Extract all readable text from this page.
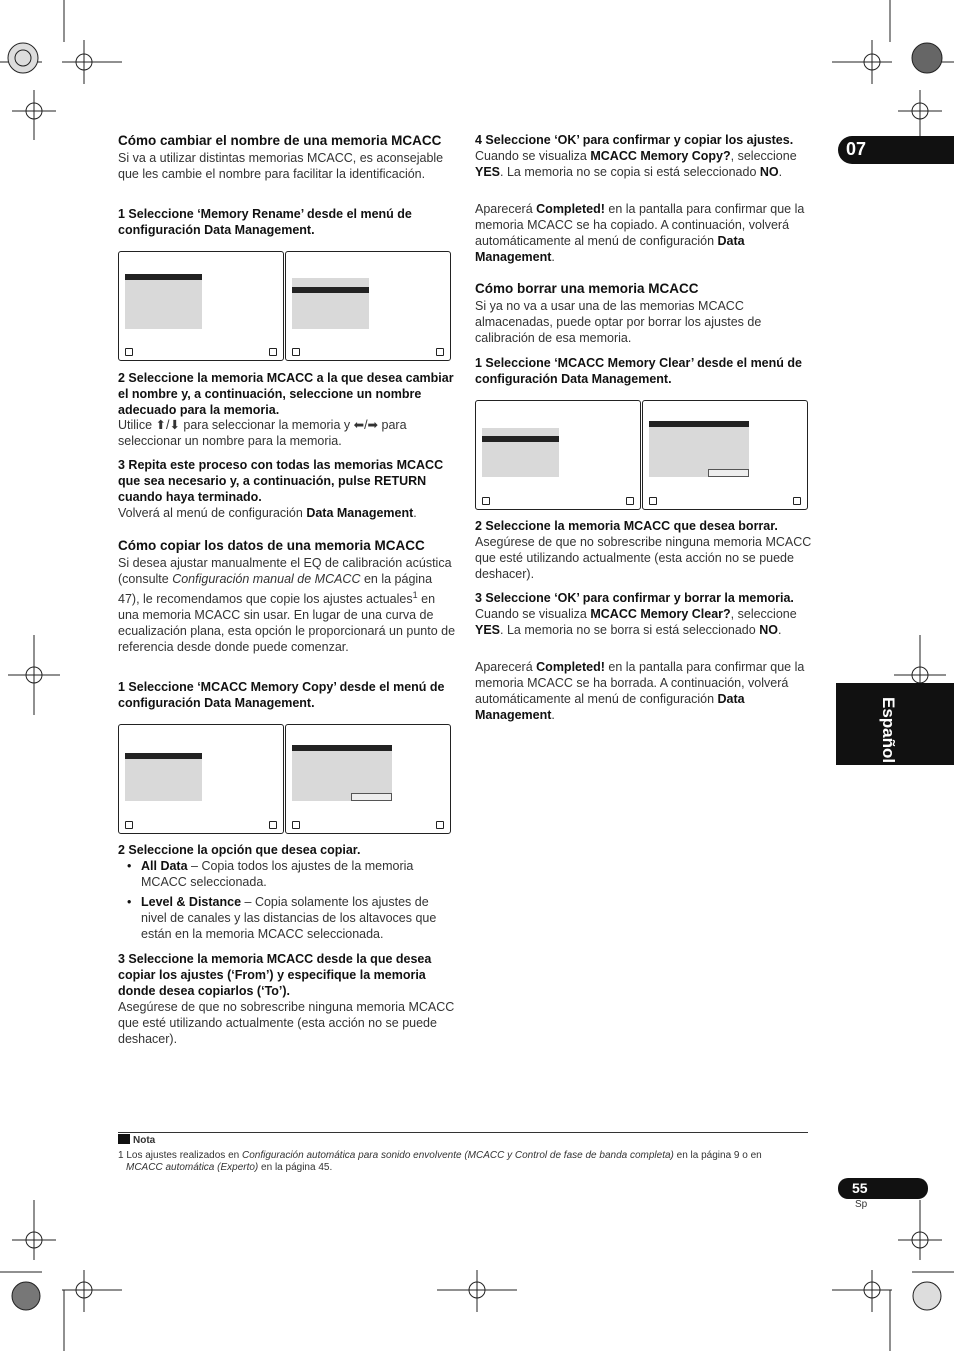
07
Español
Cómo cambiar el nombre de una memoria MCACC
Si va a utilizar distintas memorias MCACC, es aconsejable que les cambie el nombre para facilitar la identificación.
1 Seleccione ‘Memory Rename’ desde el menú de configuración Data Management.
2 Seleccione la memoria MCACC a la que desea cambiar el nombre y, a continuación, seleccione un nombre adecuado para la memoria.
Utilice ⬆/⬇ para seleccionar la memoria y ⬅/➡ para seleccionar un nombre para la memoria.
3 Repita este proceso con todas las memorias MCACC que sea necesario y, a continuación, pulse RETURN cuando haya terminado.
Volverá al menú de configuración Data Management.
Cómo copiar los datos de una memoria MCACC
Si desea ajustar manualmente el EQ de calibración acústica (consulte Configuración manual de MCACC en la página 47), le recomendamos que copie los ajustes actuales$^1$ en una memoria MCACC sin usar. En lugar de una curva de ecualización plana, esta opción le proporcionará un punto de referencia desde donde puede comenzar.
1 Seleccione ‘MCACC Memory Copy’ desde el menú de configuración Data Management.
2 Seleccione la opción que desea copiar.
• All Data – Copia todos los ajustes de la memoria MCACC seleccionada.
• Level & Distance – Copia solamente los ajustes de nivel de canales y las distancias de los altavoces que están en la memoria MCACC seleccionada.
3 Seleccione la memoria MCACC desde la que desea copiar los ajustes (‘From’) y especifique la memoria donde desea copiarlos (‘To’).
Asegúrese de que no sobrescribe ninguna memoria MCACC que esté utilizando actualmente (esta acción no se puede deshacer).
4 Seleccione ‘OK’ para confirmar y copiar los ajustes.
Cuando se visualiza MCACC Memory Copy?, seleccione YES. La memoria no se copia si está seleccionado NO.
Aparecerá Completed! en la pantalla para confirmar que la memoria MCACC se ha copiado. A continuación, volverá automáticamente al menú de configuración Data Management.
Cómo borrar una memoria MCACC
Si ya no va a usar una de las memorias MCACC almacenadas, puede optar por borrar los ajustes de calibración de esa memoria.
1 Seleccione ‘MCACC Memory Clear’ desde el menú de configuración Data Management.
2 Seleccione la memoria MCACC que desea borrar.
Asegúrese de que no sobrescribe ninguna memoria MCACC que esté utilizando actualmente (esta acción no se puede deshacer).
3 Seleccione ‘OK’ para confirmar y borrar la memoria.
Cuando se visualiza MCACC Memory Clear?, seleccione YES. La memoria no se borra si está seleccionado NO.
Aparecerá Completed! en la pantalla para confirmar que la memoria MCACC se ha borrada. A continuación, volverá automáticamente al menú de configuración Data Management.
Nota
1 Los ajustes realizados en Configuración automática para sonido envolvente (MCACC y Control de fase de banda completa) en la página 9 o en
MCACC automática (Experto) en la página 45.
55
Sp
